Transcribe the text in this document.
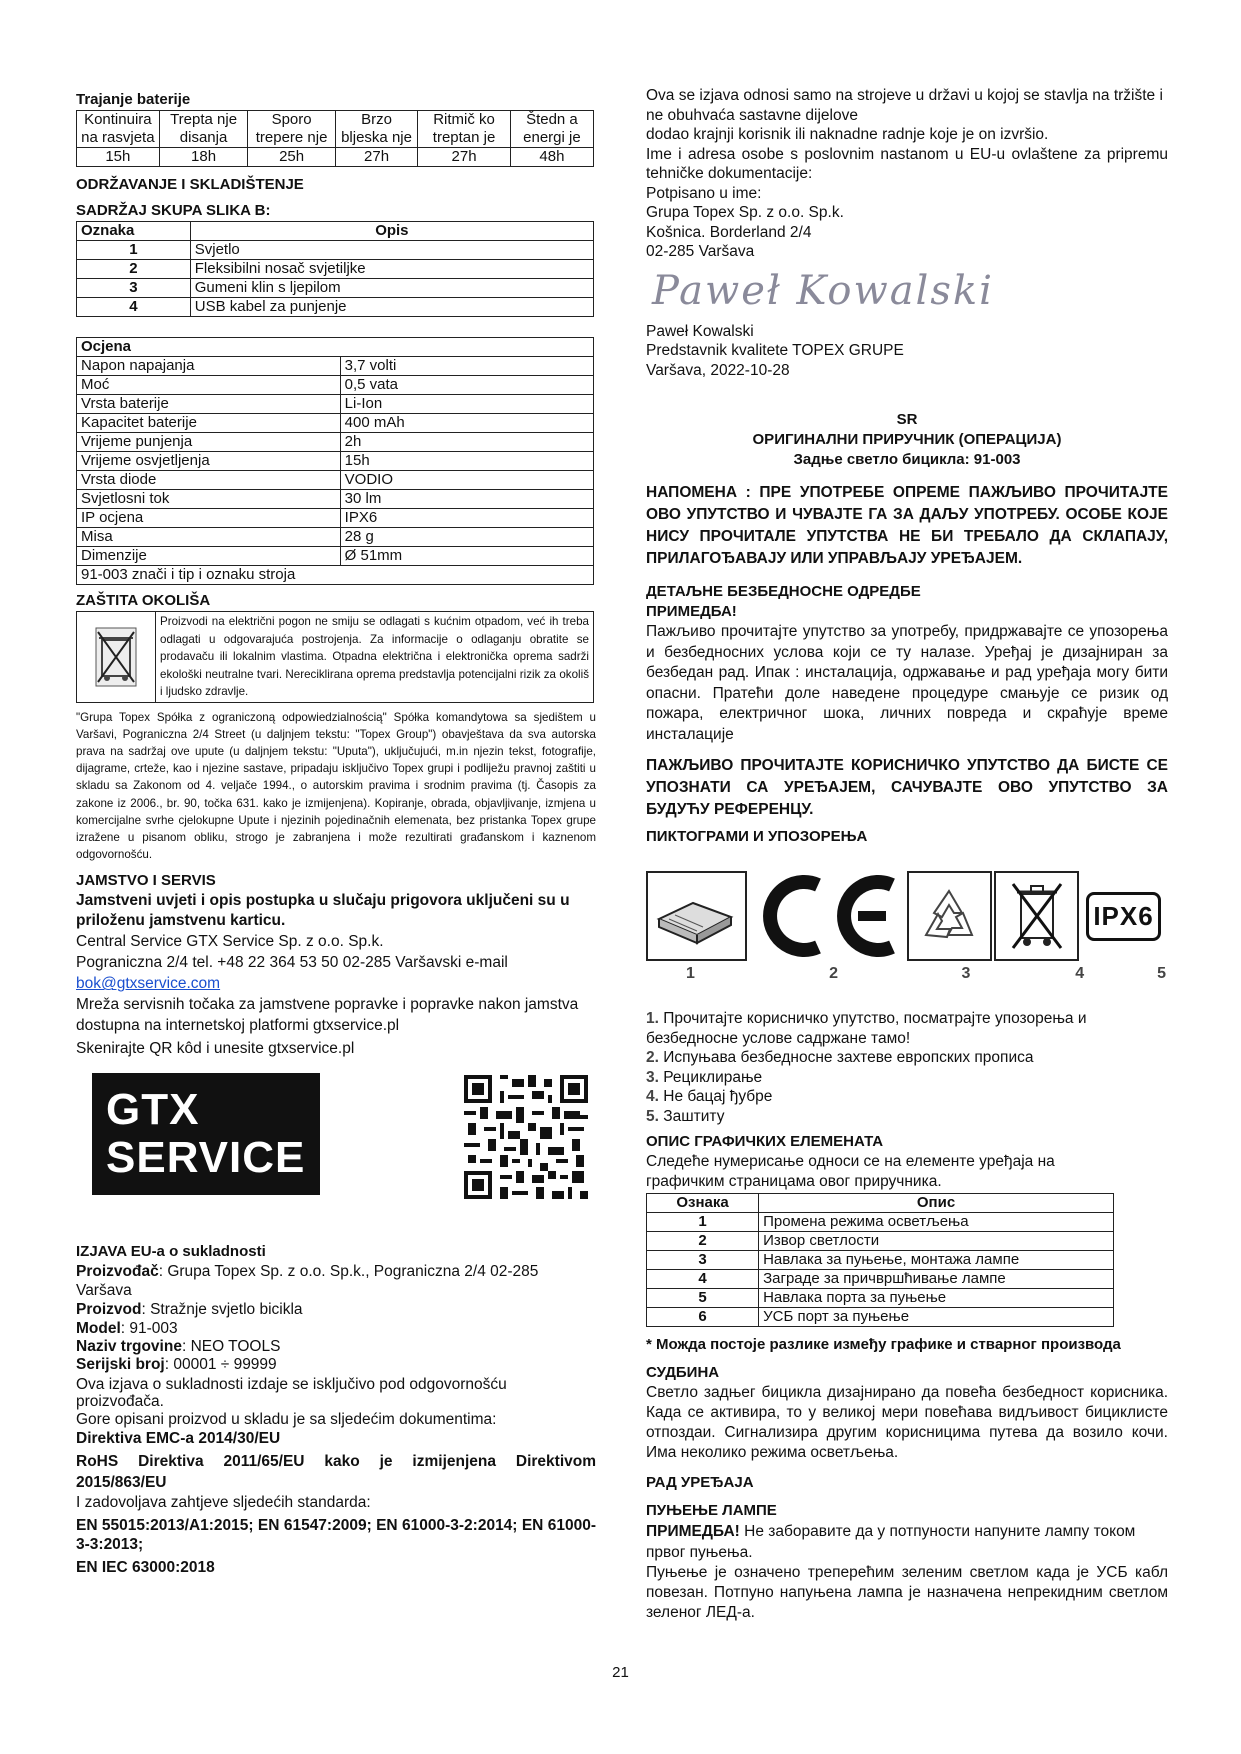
Trajanje baterije

Kontinuira na rasvjeta	Trepta nje disanja	Sporo trepere nje	Brzo bljeska nje	Ritmič ko treptan je	Štedn a energi je
15h	18h	25h	27h	27h	48h

ODRŽAVANJE I SKLADIŠTENJE

SADRŽAJ SKUPA SLIKA B:

Oznaka	Opis
1	Svjetlo
2	Fleksibilni nosač svjetiljke
3	Gumeni klin s ljepilom
4	USB kabel za punjenje
Ocjena	
Napon napajanja	3,7 volti
Moć	0,5 vata
Vrsta baterije	Li-Ion
Kapacitet baterije	400 mAh
Vrijeme punjenja	2h
Vrijeme osvjetljenja	15h
Vrsta diode	VODIO
Svjetlosni tok	30 lm
IP ocjena	IPX6
Misa	28 g
Dimenzije	Ø 51mm
91-003 znači i tip i oznaku stroja	

ZAŠTITA OKOLIŠA

Proizvodi na električni pogon ne smiju se odlagati s kućnim otpadom, već ih treba odlagati u odgovarajuća postrojenja. Za informacije o odlaganju obratite se prodavaču ili lokalnim vlastima. Otpadna električna i elektronička oprema sadrži ekološki neutralne tvari. Nereciklirana oprema predstavlja potencijalni rizik za okoliš i ljudsko zdravlje.

"Grupa Topex Spółka z ograniczoną odpowiedzialnością" Spółka komandytowa sa sjedištem u Varšavi, Pograniczna 2/4 Street (u daljnjem tekstu: "Topex Group") obavještava da sva autorska prava na sadržaj ove upute (u daljnjem tekstu: "Uputa"), uključujući, m.in njezin tekst, fotografije, dijagrame, crteže, kao i njezine sastave, pripadaju isključivo Topex grupi i podliježu pravnoj zaštiti u skladu sa Zakonom od 4. veljače 1994., o autorskim pravima i srodnim pravima (tj. Časopis za zakone iz 2006., br. 90, točka 631. kako je izmijenjena). Kopiranje, obrada, objavljivanje, izmjena u komercijalne svrhe cjelokupne Upute i njezinih pojedinačnih elemenata, bez pristanka Topex grupe izražene u pisanom obliku, strogo je zabranjena i može rezultirati građanskom i kaznenom odgovornošću.

JAMSTVO I SERVIS

Jamstveni uvjeti i opis postupka u slučaju prigovora uključeni su u priloženu jamstvenu karticu.

Central Service GTX Service Sp. z o.o. Sp.k.

Pograniczna 2/4 tel. +48 22 364 53 50 02-285 Varšavski e-mail

bok@gtxservice.com

Mreža servisnih točaka za jamstvene popravke i popravke nakon jamstva dostupna na internetskoj platformi gtxservice.pl

Skenirajte QR kôd i unesite gtxservice.pl

GTX
SERVICE

IZJAVA EU-a o sukladnosti

Proizvođač: Grupa Topex Sp. z o.o. Sp.k., Pograniczna 2/4 02-285 Varšava

Proizvod: Stražnje svjetlo bicikla

Model: 91-003

Naziv trgovine: NEO TOOLS

Serijski broj: 00001 ÷ 99999

Ova izjava o sukladnosti izdaje se isključivo pod odgovornošću proizvođača.

Gore opisani proizvod u skladu je sa sljedećim dokumentima:

Direktiva EMC-a 2014/30/EU

RoHS Direktiva 2011/65/EU kako je izmijenjena Direktivom 2015/863/EU

I zadovoljava zahtjeve sljedećih standarda:

EN 55015:2013/A1:2015; EN 61547:2009; EN 61000-3-2:2014; EN 61000-3-3:2013;

EN IEC 63000:2018

Ova se izjava odnosi samo na strojeve u državi u kojoj se stavlja na tržište i ne obuhvaća sastavne dijelove

dodao krajnji korisnik ili naknadne radnje koje je on izvršio.

Ime i adresa osobe s poslovnim nastanom u EU-u ovlaštene za pripremu tehničke dokumentacije:

Potpisano u ime:

Grupa Topex Sp. z o.o. Sp.k.

Košnica. Borderland 2/4

02-285 Varšava

Paweł Kowalski

Paweł Kowalski

Predstavnik kvalitete TOPEX GRUPE

Varšava, 2022-10-28

SR

ОРИГИНАЛНИ ПРИРУЧНИК (ОПЕРАЦИЈА)

Задње светло бицикла: 91-003

НАПОМЕНА : ПРЕ УПОТРЕБЕ ОПРЕМЕ ПАЖЉИВО ПРОЧИТАЈТЕ ОВО УПУТСТВО И ЧУВАЈТЕ ГА ЗА ДАЉУ УПОТРЕБУ. ОСОБЕ КОЈЕ НИСУ ПРОЧИТАЛЕ УПУТСТВА НЕ БИ ТРЕБАЛО ДА СКЛАПАЈУ, ПРИЛАГОЂАВАЈУ ИЛИ УПРАВЉАЈУ УРЕЂАЈЕМ.

ДЕТАЉНЕ БЕЗБЕДНОСНЕ ОДРЕДБЕ

ПРИМЕДБА!

Пажљиво прочитајте упутство за употребу, придржавајте се упозорења и безбедносних услова који се ту налазе. Уређај је дизајниран за безбедан рад. Ипак : инсталација, одржавање и рад уређаја могу бити опасни. Пратећи доле наведене процедуре смањује се ризик од пожара, електричног шока, личних повреда и скраћује време инсталације

ПАЖЉИВО ПРОЧИТАЈТЕ КОРИСНИЧКО УПУТСТВО ДА БИСТЕ СЕ УПОЗНАТИ СА УРЕЂАЈЕМ, САЧУВАЈТЕ ОВО УПУТСТВО ЗА БУДУЋУ РЕФЕРЕНЦУ.

ПИКТОГРАМИ И УПОЗОРЕЊА

IPX6
1	2	3	4	5

1. Прочитајте корисничко упутство, посматрајте упозорења и безбедносне услове садржане тамо!

2. Испуњава безбедносне захтеве европских прописа

3. Рециклирање

4. Не бацај ђубре

5. Заштиту

ОПИС ГРАФИЧКИХ ЕЛЕМЕНАТА

Следеће нумерисање односи се на елементе уређаја на графичким страницама овог приручника.

Ознака	Опис
1	Промена режима осветљења
2	Извор светлости
3	Навлака за пуњење, монтажа лампе
4	Заграде за причвршћивање лампе
5	Навлака порта за пуњење
6	УСБ порт за пуњење

* Можда постоје разлике између графике и стварног производа

СУДБИНА

Светло задњег бицикла дизајнирано да повећа безбедност корисника. Када се активира, то у великој мери повећава видљивост бициклисте отпоздаи. Сигнализира другим корисницима путева да возило кочи. Има неколико режима осветљења.

РАД УРЕЂАЈА

ПУЊЕЊЕ ЛАМПЕ

ПРИМЕДБА! Не заборавите да у потпуности напуните лампу током првог пуњења.

Пуњење је означено треперећим зеленим светлом када је УСБ кабл повезан. Потпуно напуњена лампа је назначена непрекидним светлом зеленог ЛЕД-а.

21
